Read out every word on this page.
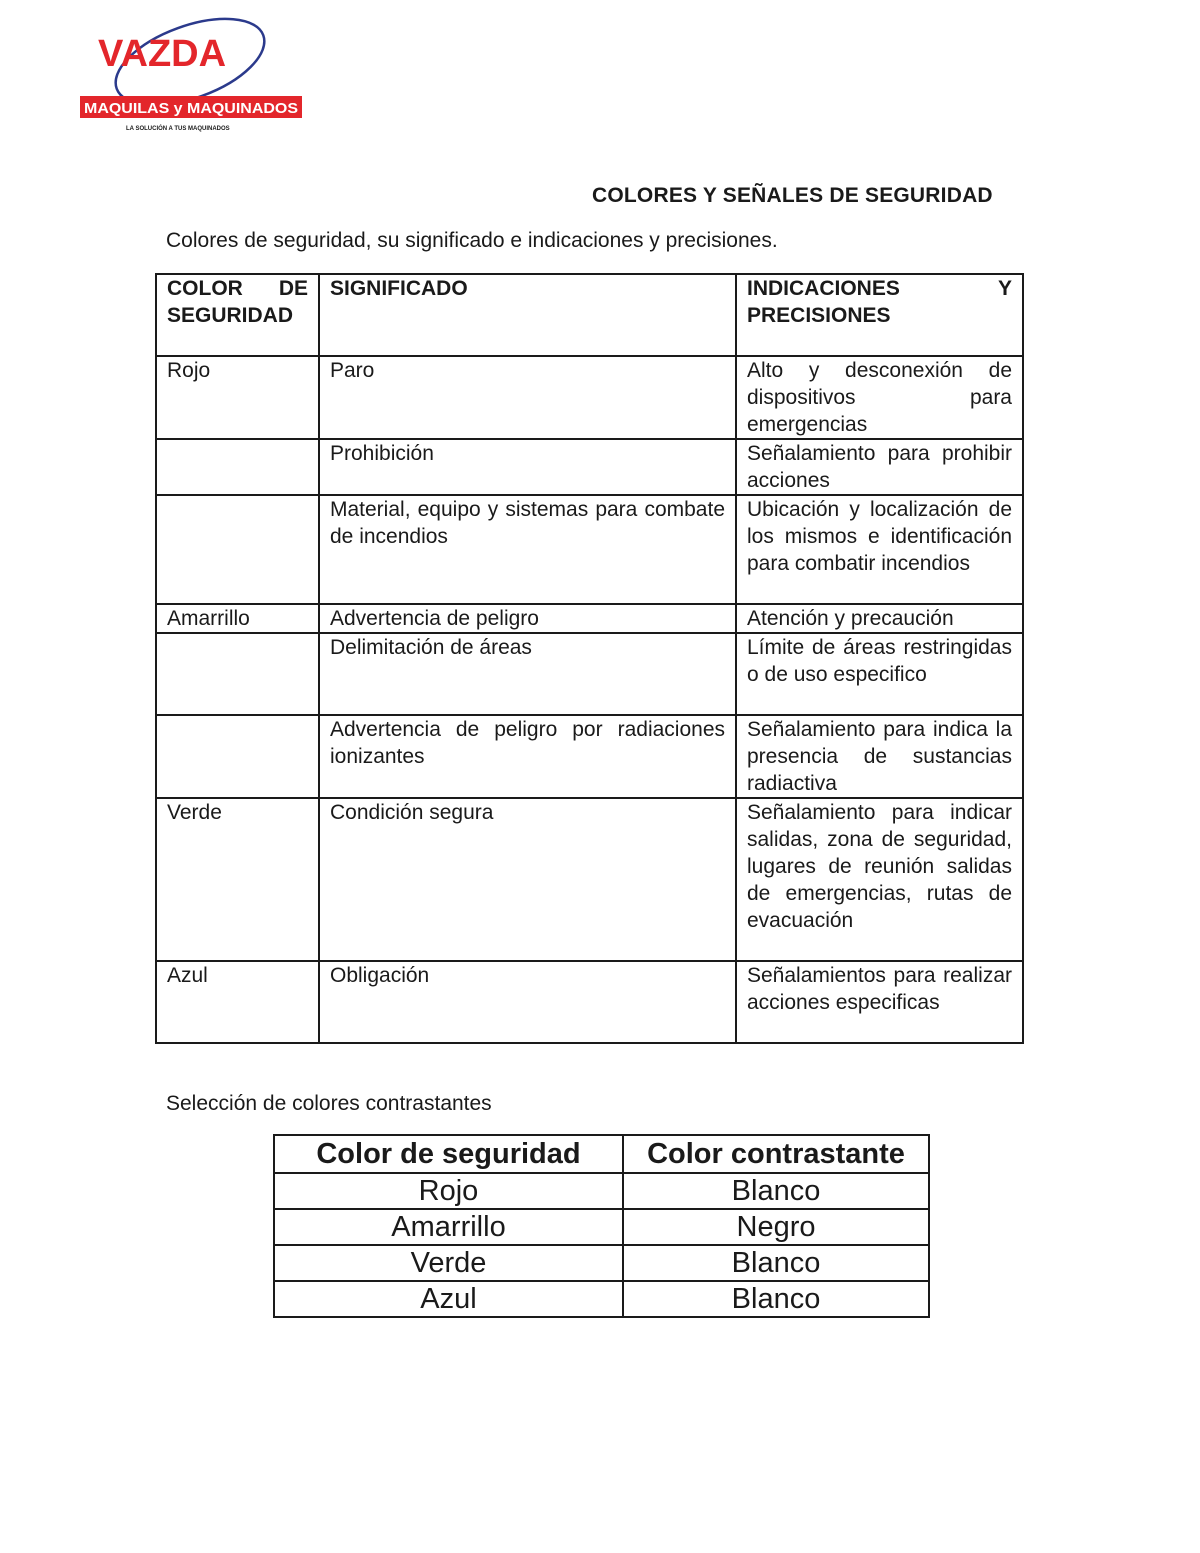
VAZDA
MAQUILAS y MAQUINADOS
LA SOLUCIÓN A TUS MAQUINADOS
COLORES Y SEÑALES DE SEGURIDAD
Colores de seguridad, su significado e indicaciones y precisiones.
COLOR DE SEGURIDAD	SIGNIFICADO	INDICACIONES Y PRECISIONES
Rojo	Paro	Alto y desconexión de dispositivos para emergencias
	Prohibición	Señalamiento para prohibir acciones
	Material, equipo y sistemas para combate de incendios	Ubicación y localización de los mismos e identificación para combatir incendios
Amarrillo	Advertencia de peligro	Atención y precaución
	Delimitación de áreas	Límite de áreas restringidas o de uso especifico
	Advertencia de peligro por radiaciones ionizantes	Señalamiento para indica la presencia de sustancias radiactiva
Verde	Condición segura	Señalamiento para indicar salidas, zona de seguridad, lugares de reunión salidas de emergencias, rutas de evacuación
Azul	Obligación	Señalamientos para realizar acciones especificas
Selección de colores contrastantes
Color de seguridad	Color contrastante
Rojo	Blanco
Amarrillo	Negro
Verde	Blanco
Azul	Blanco
